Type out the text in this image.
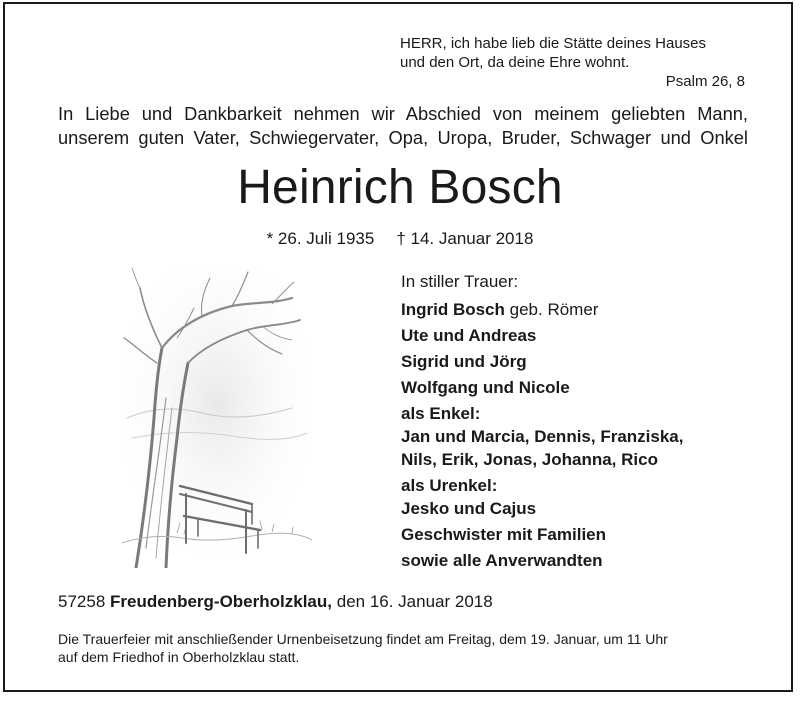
HERR, ich habe lieb die Stätte deines Hauses
und den Ort, da deine Ehre wohnt.
Psalm 26, 8
In Liebe und Dankbarkeit nehmen wir Abschied von meinem geliebten Mann,
unserem guten Vater, Schwiegervater, Opa, Uropa, Bruder, Schwager und Onkel
Heinrich Bosch
* 26. Juli 1935 † 14. Januar 2018
In stiller Trauer:
Ingrid Bosch geb. Römer
Ute und Andreas
Sigrid und Jörg
Wolfgang und Nicole
als Enkel:
Jan und Marcia, Dennis, Franziska,
Nils, Erik, Jonas, Johanna, Rico
als Urenkel:
Jesko und Cajus
Geschwister mit Familien
sowie alle Anverwandten
57258 Freudenberg-Oberholzklau, den 16. Januar 2018
Die Trauerfeier mit anschließender Urnenbeisetzung findet am Freitag, dem 19. Januar, um 11 Uhr
auf dem Friedhof in Oberholzklau statt.
